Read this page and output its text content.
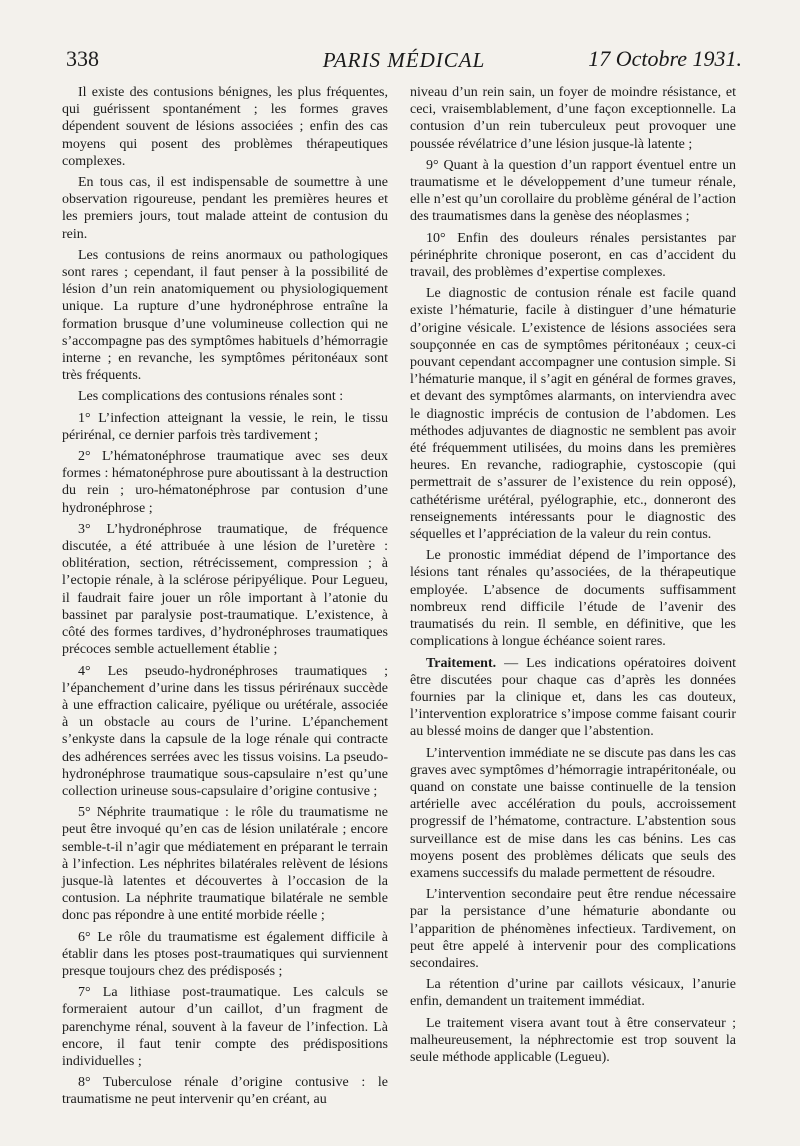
338	PARIS MÉDICAL	17 Octobre 1931.

Il existe des contusions bénignes, les plus fréquentes, qui guérissent spontanément ; les formes graves dépendent souvent de lésions associées ; enfin des cas moyens qui posent des problèmes thérapeutiques complexes.

En tous cas, il est indispensable de soumettre à une observation rigoureuse, pendant les premières heures et les premiers jours, tout malade atteint de contusion du rein.

Les contusions de reins anormaux ou pathologiques sont rares ; cependant, il faut penser à la possibilité de lésion d’un rein anatomiquement ou physiologiquement unique. La rupture d’une hydronéphrose entraîne la formation brusque d’une volumineuse collection qui ne s’accompagne pas des symptômes habituels d’hémorragie interne ; en revanche, les symptômes péritonéaux sont très fréquents.

Les complications des contusions rénales sont :

1° L’infection atteignant la vessie, le rein, le tissu périrénal, ce dernier parfois très tardivement ;

2° L’hématonéphrose traumatique avec ses deux formes : hématonéphrose pure aboutissant à la destruction du rein ; uro-hématonéphrose par contusion d’une hydronéphrose ;

3° L’hydronéphrose traumatique, de fréquence discutée, a été attribuée à une lésion de l’uretère : oblitération, section, rétrécissement, compression ; à l’ectopie rénale, à la sclérose péripyélique. Pour Legueu, il faudrait faire jouer un rôle important à l’atonie du bassinet par paralysie post-traumatique. L’existence, à côté des formes tardives, d’hydronéphroses traumatiques précoces semble actuellement établie ;

4° Les pseudo-hydronéphroses traumatiques ; l’épanchement d’urine dans les tissus périrénaux succède à une effraction calicaire, pyélique ou urétérale, associée à un obstacle au cours de l’urine. L’épanchement s’enkyste dans la capsule de la loge rénale qui contracte des adhérences serrées avec les tissus voisins. La pseudo-hydronéphrose traumatique sous-capsulaire n’est qu’une collection urineuse sous-capsulaire d’origine contusive ;

5° Néphrite traumatique : le rôle du traumatisme ne peut être invoqué qu’en cas de lésion unilatérale ; encore semble-t-il n’agir que médiatement en préparant le terrain à l’infection. Les néphrites bilatérales relèvent de lésions jusque-là latentes et découvertes à l’occasion de la contusion. La néphrite traumatique bilatérale ne semble donc pas répondre à une entité morbide réelle ;

6° Le rôle du traumatisme est également difficile à établir dans les ptoses post-traumatiques qui surviennent presque toujours chez des prédisposés ;

7° La lithiase post-traumatique. Les calculs se formeraient autour d’un caillot, d’un fragment de parenchyme rénal, souvent à la faveur de l’infection. Là encore, il faut tenir compte des prédispositions individuelles ;

8° Tuberculose rénale d’origine contusive : le traumatisme ne peut intervenir qu’en créant, au

niveau d’un rein sain, un foyer de moindre résistance, et ceci, vraisemblablement, d’une façon exceptionnelle. La contusion d’un rein tuberculeux peut provoquer une poussée révélatrice d’une lésion jusque-là latente ;

9° Quant à la question d’un rapport éventuel entre un traumatisme et le développement d’une tumeur rénale, elle n’est qu’un corollaire du problème général de l’action des traumatismes dans la genèse des néoplasmes ;

10° Enfin des douleurs rénales persistantes par périnéphrite chronique poseront, en cas d’accident du travail, des problèmes d’expertise complexes.

Le diagnostic de contusion rénale est facile quand existe l’hématurie, facile à distinguer d’une hématurie d’origine vésicale. L’existence de lésions associées sera soupçonnée en cas de symptômes péritonéaux ; ceux-ci pouvant cependant accompagner une contusion simple. Si l’hématurie manque, il s’agit en général de formes graves, et devant des symptômes alarmants, on interviendra avec le diagnostic imprécis de contusion de l’abdomen. Les méthodes adjuvantes de diagnostic ne semblent pas avoir été fréquemment utilisées, du moins dans les premières heures. En revanche, radiographie, cystoscopie (qui permettrait de s’assurer de l’existence du rein opposé), cathétérisme urétéral, pyélographie, etc., donneront des renseignements intéressants pour le diagnostic des séquelles et l’appréciation de la valeur du rein contus.

Le pronostic immédiat dépend de l’importance des lésions tant rénales qu’associées, de la thérapeutique employée. L’absence de documents suffisamment nombreux rend difficile l’étude de l’avenir des traumatisés du rein. Il semble, en définitive, que les complications à longue échéance soient rares.

Traitement. — Les indications opératoires doivent être discutées pour chaque cas d’après les données fournies par la clinique et, dans les cas douteux, l’intervention exploratrice s’impose comme faisant courir au blessé moins de danger que l’abstention.

L’intervention immédiate ne se discute pas dans les cas graves avec symptômes d’hémorragie intrapéritonéale, ou quand on constate une baisse continuelle de la tension artérielle avec accélération du pouls, accroissement progressif de l’hématome, contracture. L’abstention sous surveillance est de mise dans les cas bénins. Les cas moyens posent des problèmes délicats que seuls des examens successifs du malade permettent de résoudre.

L’intervention secondaire peut être rendue nécessaire par la persistance d’une hématurie abondante ou l’apparition de phénomènes infectieux. Tardivement, on peut être appelé à intervenir pour des complications secondaires.

La rétention d’urine par caillots vésicaux, l’anurie enfin, demandent un traitement immédiat.

Le traitement visera avant tout à être conservateur ; malheureusement, la néphrectomie est trop souvent la seule méthode applicable (Legueu).
